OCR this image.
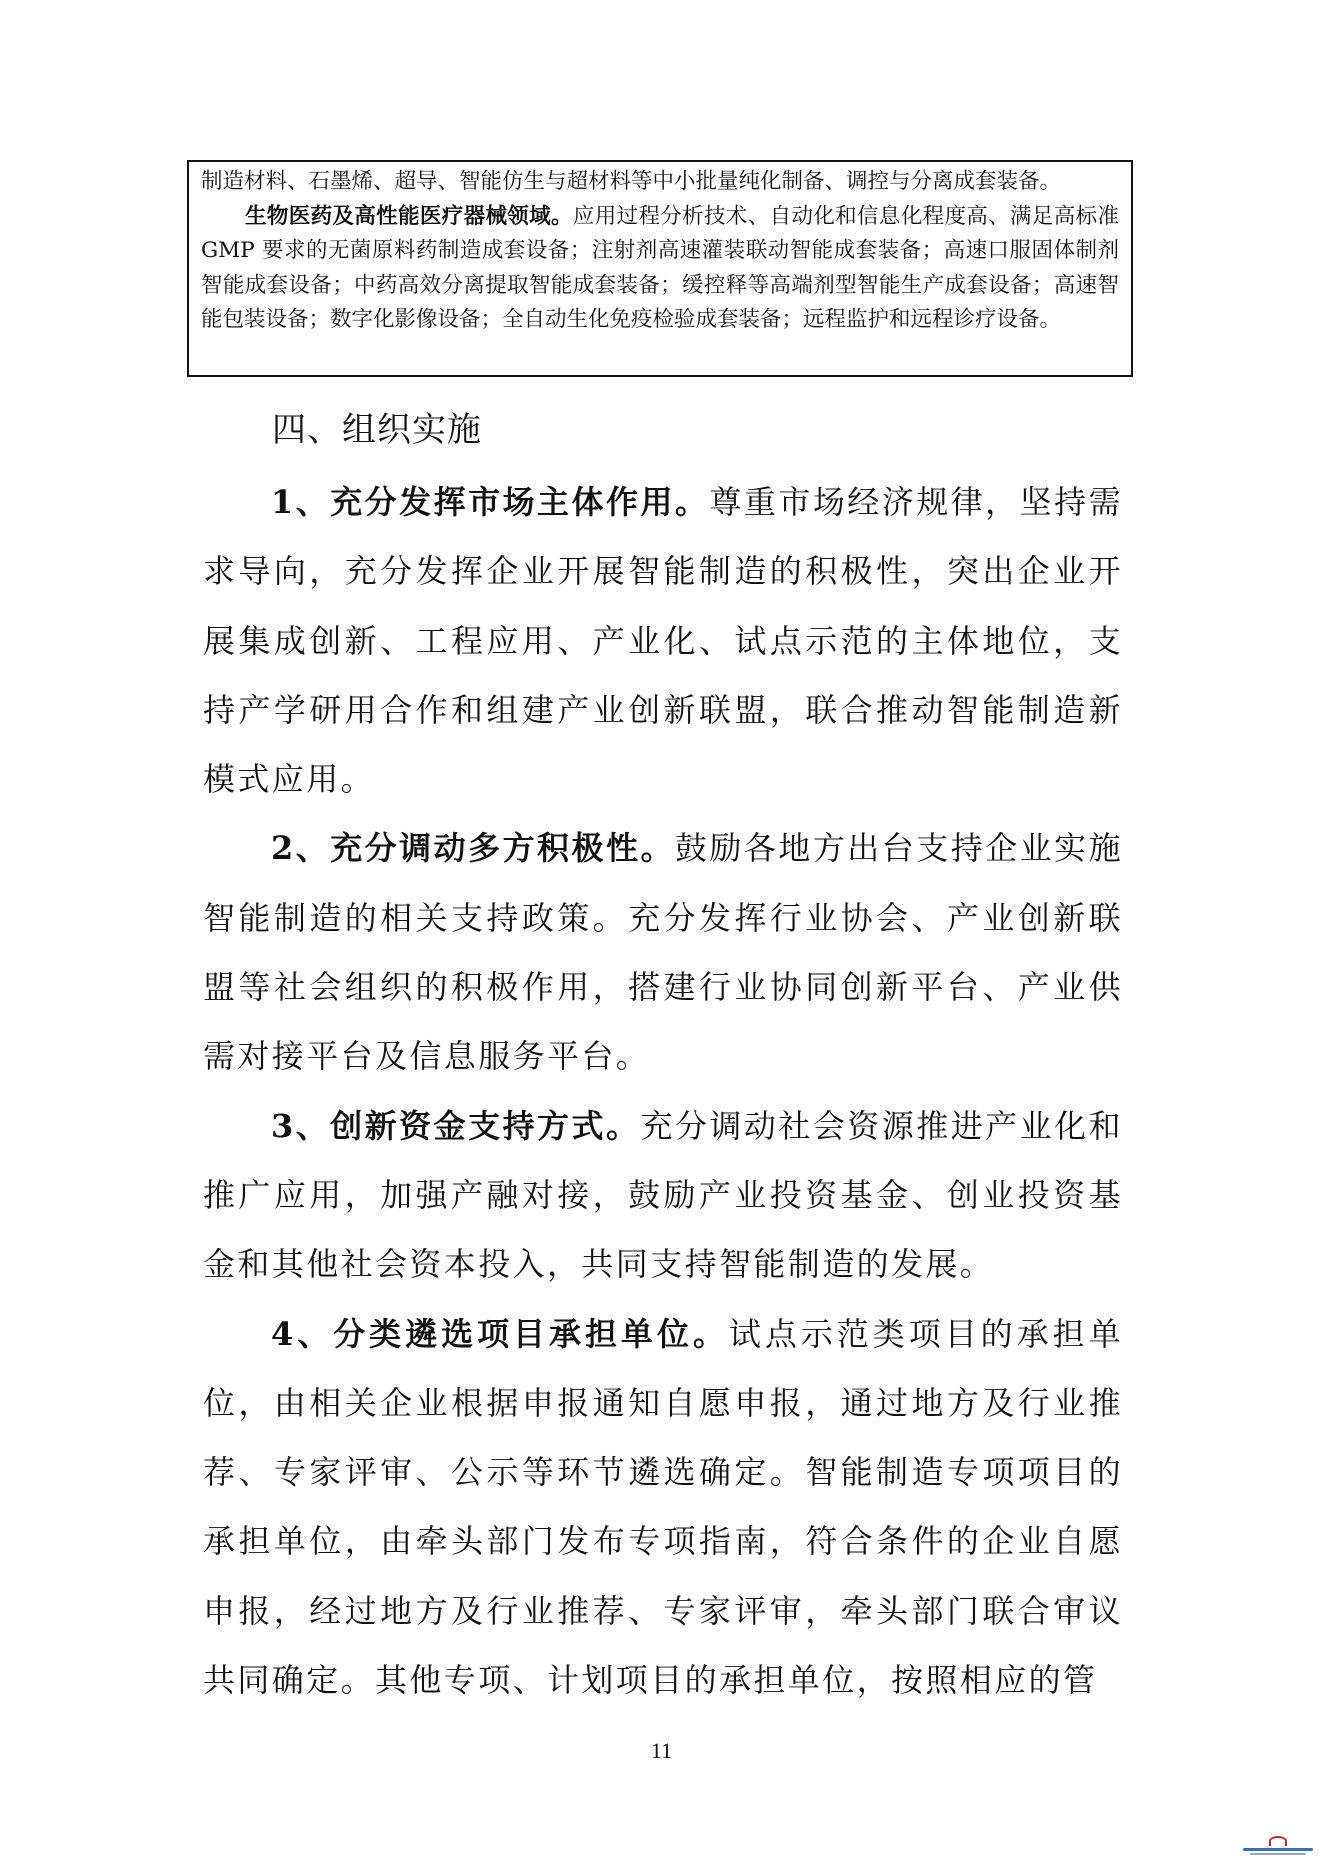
制造材料、石墨烯、超导、智能仿生与超材料等中小批量纯化制备、调控与分离成套装备。

生物医药及高性能医疗器械领域。应用过程分析技术、自动化和信息化程度高、满足高标准 GMP 要求的无菌原料药制造成套设备；注射剂高速灌装联动智能成套装备；高速口服固体制剂智能成套设备；中药高效分离提取智能成套装备；缓控释等高端剂型智能生产成套设备；高速智能包装设备；数字化影像设备；全自动生化免疫检验成套装备；远程监护和远程诊疗设备。

四、组织实施

1、充分发挥市场主体作用。尊重市场经济规律，坚持需求导向，充分发挥企业开展智能制造的积极性，突出企业开展集成创新、工程应用、产业化、试点示范的主体地位，支持产学研用合作和组建产业创新联盟，联合推动智能制造新模式应用。

2、充分调动多方积极性。鼓励各地方出台支持企业实施智能制造的相关支持政策。充分发挥行业协会、产业创新联盟等社会组织的积极作用，搭建行业协同创新平台、产业供需对接平台及信息服务平台。

3、创新资金支持方式。充分调动社会资源推进产业化和推广应用，加强产融对接，鼓励产业投资基金、创业投资基金和其他社会资本投入，共同支持智能制造的发展。

4、分类遴选项目承担单位。试点示范类项目的承担单位，由相关企业根据申报通知自愿申报，通过地方及行业推荐、专家评审、公示等环节遴选确定。智能制造专项项目的承担单位，由牵头部门发布专项指南，符合条件的企业自愿申报，经过地方及行业推荐、专家评审，牵头部门联合审议共同确定。其他专项、计划项目的承担单位，按照相应的管

11
